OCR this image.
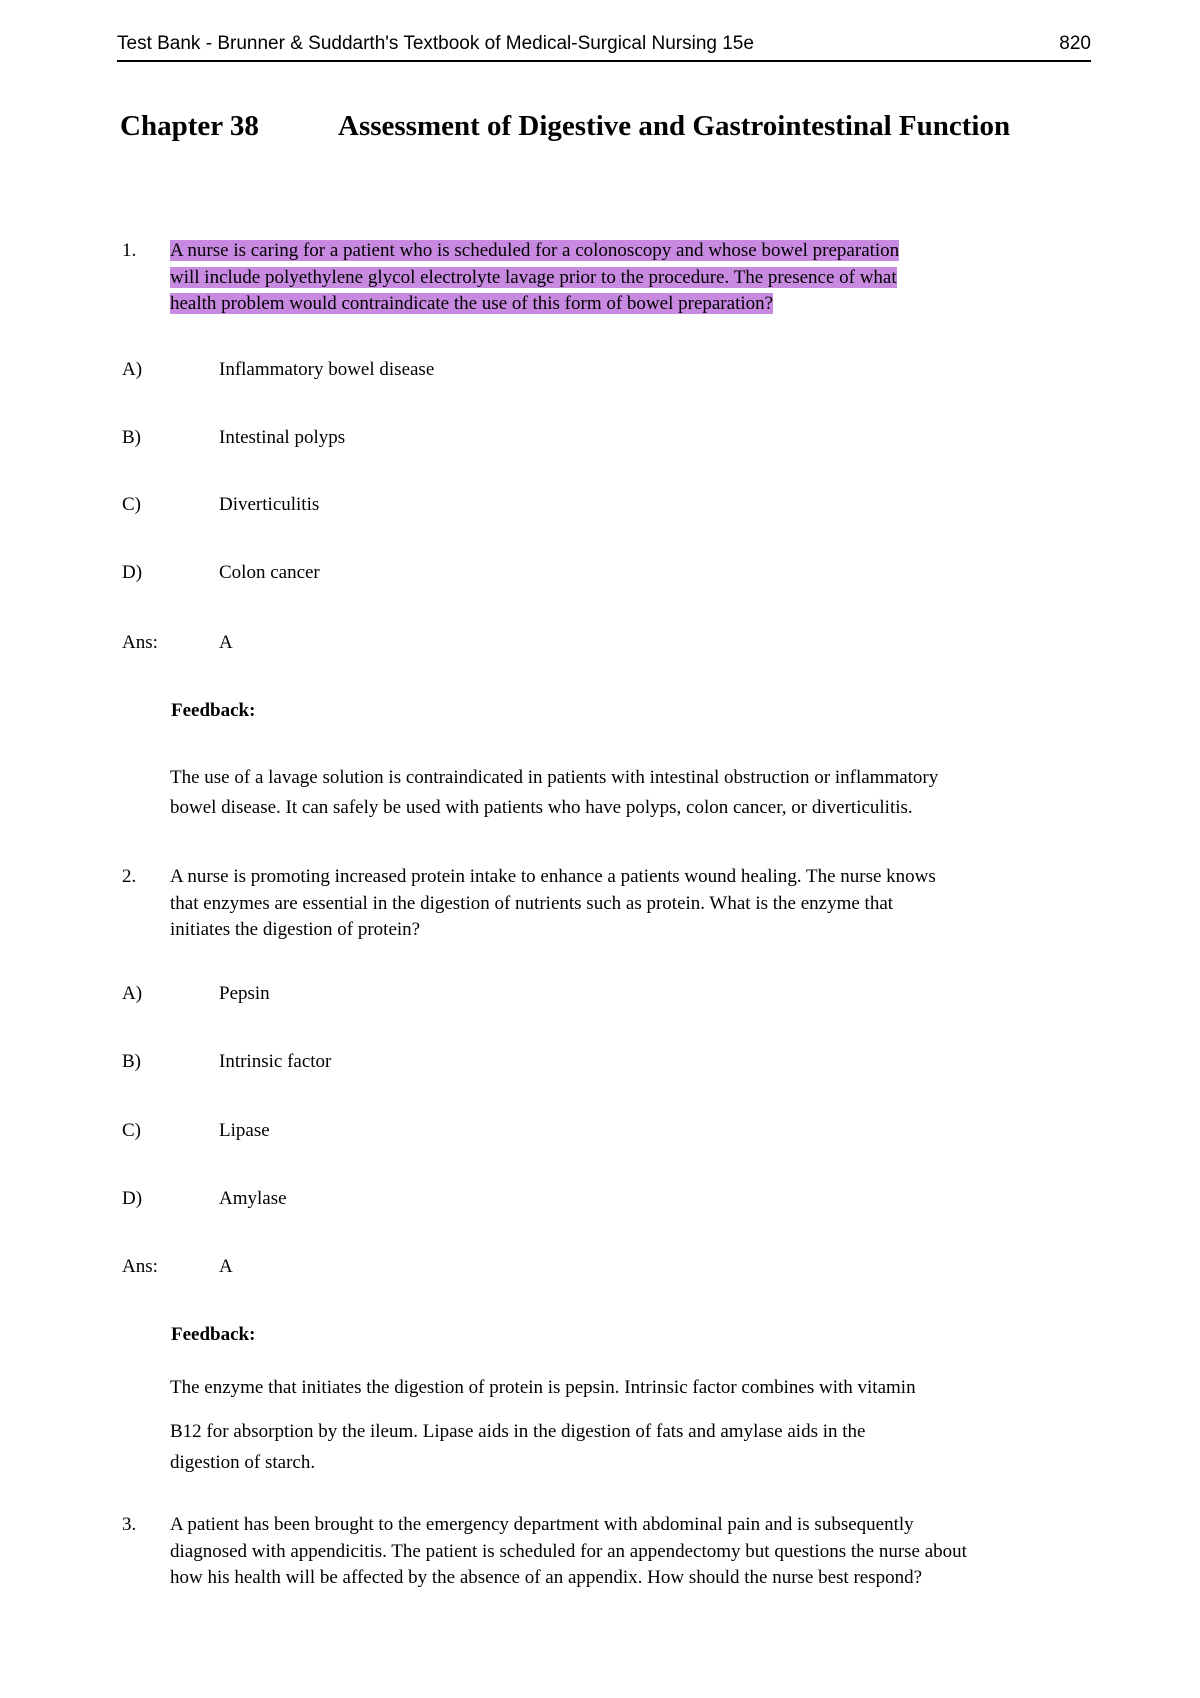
Test Bank - Brunner & Suddarth's Textbook of Medical-Surgical Nursing 15e	820
Chapter 38	Assessment of Digestive and Gastrointestinal Function
1. A nurse is caring for a patient who is scheduled for a colonoscopy and whose bowel preparation
will include polyethylene glycol electrolyte lavage prior to the procedure. The presence of what
health problem would contraindicate the use of this form of bowel preparation?
A)	Inflammatory bowel disease
B)	Intestinal polyps
C)	Diverticulitis
D)	Colon cancer
Ans:	A
Feedback:
The use of a lavage solution is contraindicated in patients with intestinal obstruction or inflammatory
bowel disease. It can safely be used with patients who have polyps, colon cancer, or diverticulitis.
2. A nurse is promoting increased protein intake to enhance a patients wound healing. The nurse knows
that enzymes are essential in the digestion of nutrients such as protein. What is the enzyme that
initiates the digestion of protein?
A)	Pepsin
B)	Intrinsic factor
C)	Lipase
D)	Amylase
Ans:	A
Feedback:
The enzyme that initiates the digestion of protein is pepsin. Intrinsic factor combines with vitamin
B12 for absorption by the ileum. Lipase aids in the digestion of fats and amylase aids in the
digestion of starch.
3. A patient has been brought to the emergency department with abdominal pain and is subsequently
diagnosed with appendicitis. The patient is scheduled for an appendectomy but questions the nurse about
how his health will be affected by the absence of an appendix. How should the nurse best respond?
